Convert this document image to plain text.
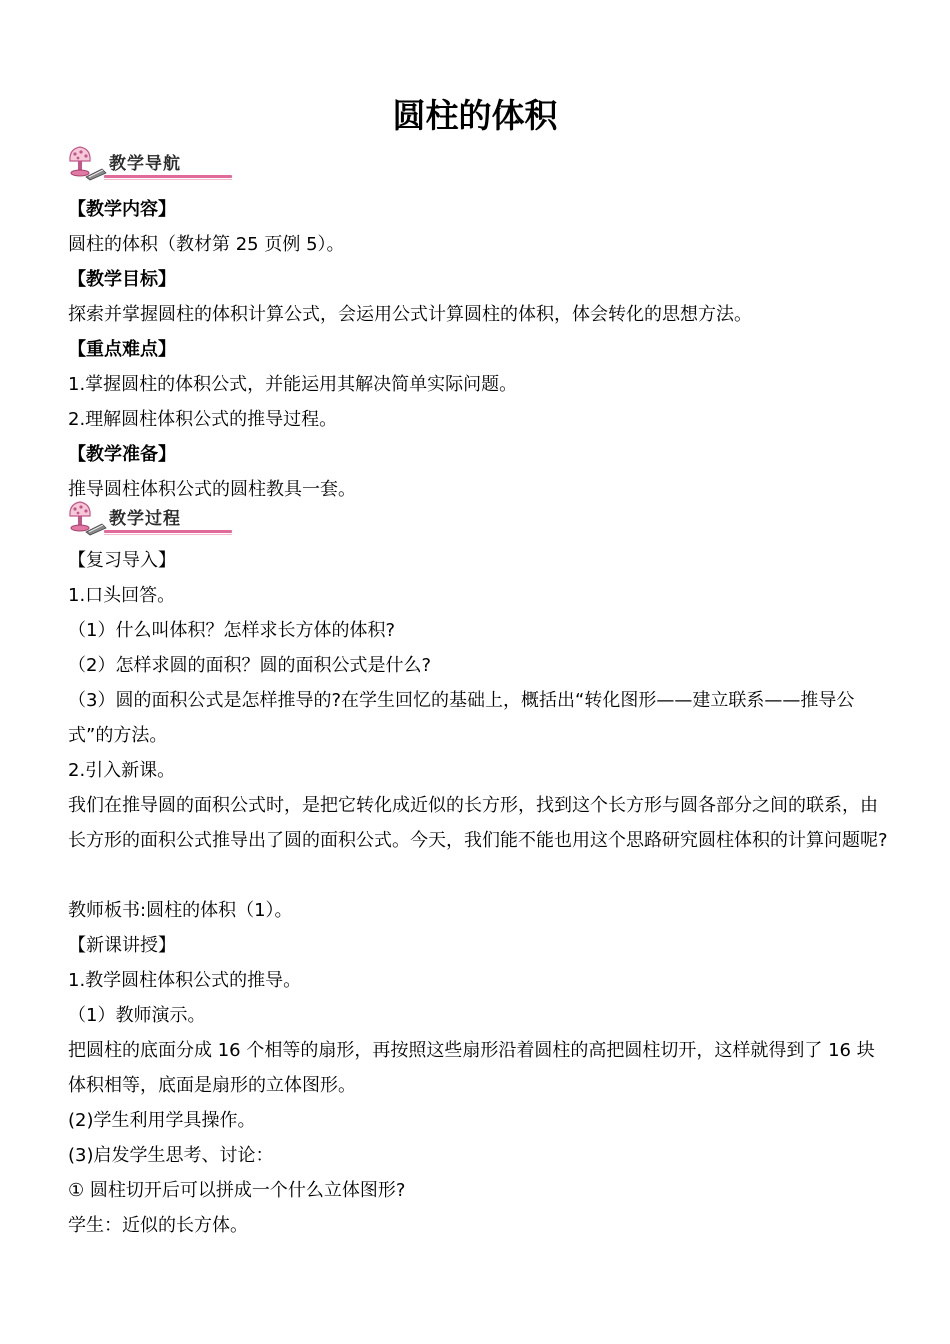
圆柱的体积
教学导航
【教学内容】
圆柱的体积（教材第 25 页例 5）。
【教学目标】
探索并掌握圆柱的体积计算公式，会运用公式计算圆柱的体积，体会转化的思想方法。
【重点难点】
1.掌握圆柱的体积公式，并能运用其解决简单实际问题。
2.理解圆柱体积公式的推导过程。
【教学准备】
推导圆柱体积公式的圆柱教具一套。
教学过程
【复习导入】
1.口头回答。
（1）什么叫体积？怎样求长方体的体积?
（2）怎样求圆的面积？圆的面积公式是什么?
（3）圆的面积公式是怎样推导的?在学生回忆的基础上，概括出“转化图形——建立联系——推导公式”的方法。
2.引入新课。
我们在推导圆的面积公式时，是把它转化成近似的长方形，找到这个长方形与圆各部分之间的联系，由长方形的面积公式推导出了圆的面积公式。今天，我们能不能也用这个思路研究圆柱体积的计算问题呢?
教师板书:圆柱的体积（1）。
【新课讲授】
1.教学圆柱体积公式的推导。
（1）教师演示。
把圆柱的底面分成 16 个相等的扇形，再按照这些扇形沿着圆柱的高把圆柱切开，这样就得到了 16 块体积相等，底面是扇形的立体图形。
(2)学生利用学具操作。
(3)启发学生思考、讨论：
① 圆柱切开后可以拼成一个什么立体图形?
学生：近似的长方体。
